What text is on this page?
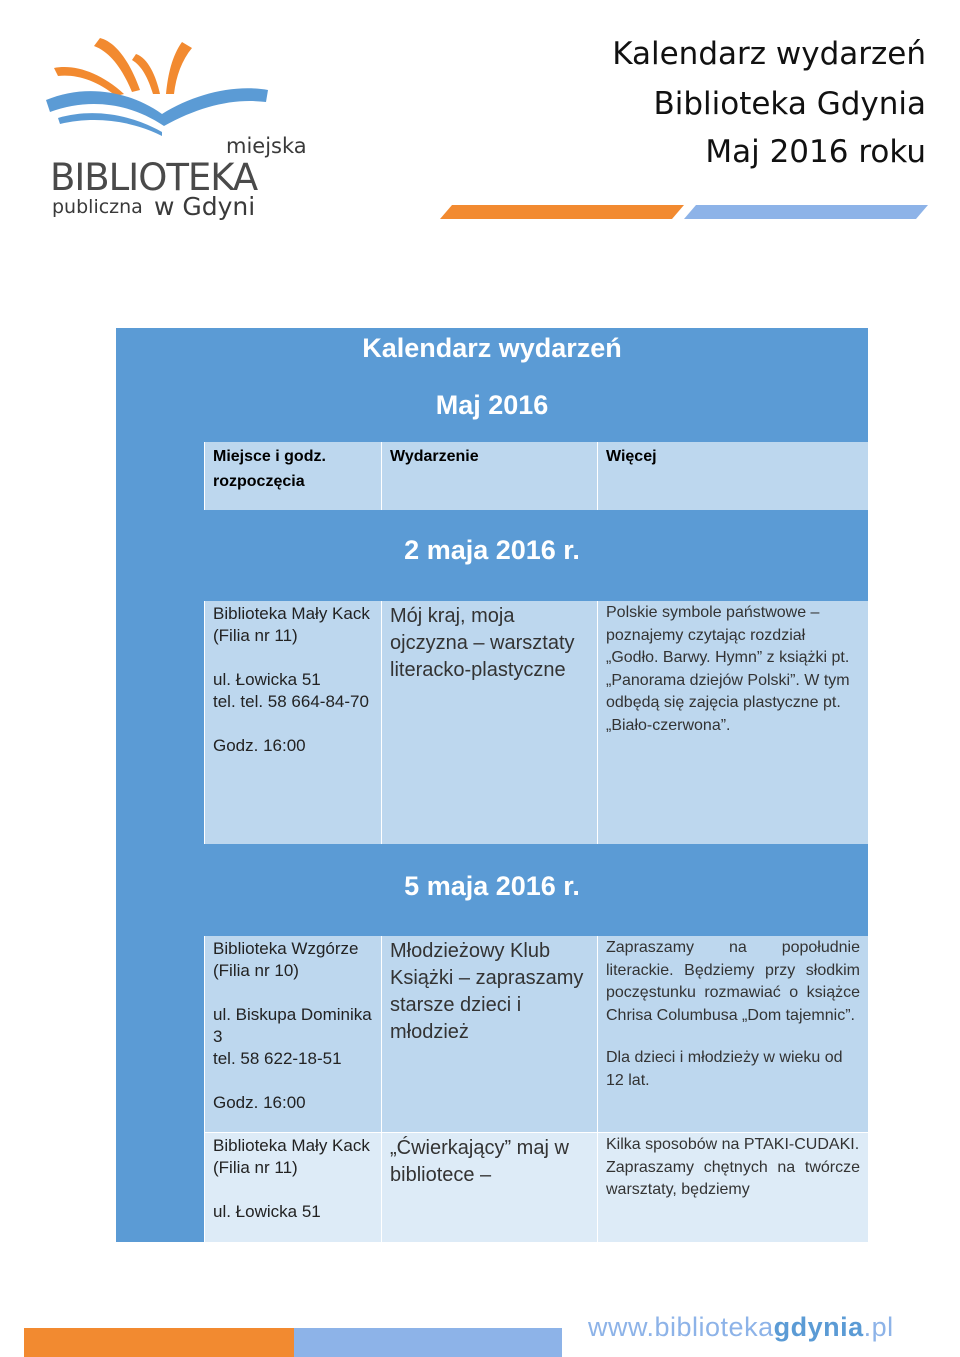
miejska
BIBLIOTEKA
publiczna w Gdyni
Kalendarz wydarzeń
Biblioteka Gdynia
Maj 2016 roku
Kalendarz wydarzeń
Maj 2016
Miejsce i godz. rozpoczęcia
Wydarzenie	Więcej
2 maja 2016 r.
Biblioteka Mały Kack
(Filia nr 11)
ul. Łowicka 51
tel. tel. 58 664-84-70
Godz. 16:00
Mój kraj, moja ojczyzna – warsztaty literacko-plastyczne
Polskie symbole państwowe – poznajemy czytając rozdział „Godło. Barwy. Hymn” z książki pt. „Panorama dziejów Polski”. W tym odbędą się zajęcia plastyczne pt. „Biało-czerwona”.
5 maja 2016 r.
Biblioteka Wzgórze
(Filia nr 10)
ul. Biskupa Dominika 3
tel. 58 622-18-51
Godz. 16:00
Młodzieżowy Klub Książki – zapraszamy starsze dzieci i młodzież
Zapraszamy na popołudnie literackie. Będziemy przy słodkim poczęstunku rozmawiać o książce Chrisa Columbusa „Dom tajemnic”.
Dla dzieci i młodzieży w wieku od 12 lat.
Biblioteka Mały Kack
(Filia nr 11)
ul. Łowicka 51
„Ćwierkający” maj w bibliotece –
Kilka sposobów na PTAKI-CUDAKI.
Zapraszamy chętnych na twórcze warsztaty, będziemy
www.bibliotekagdynia.pl
